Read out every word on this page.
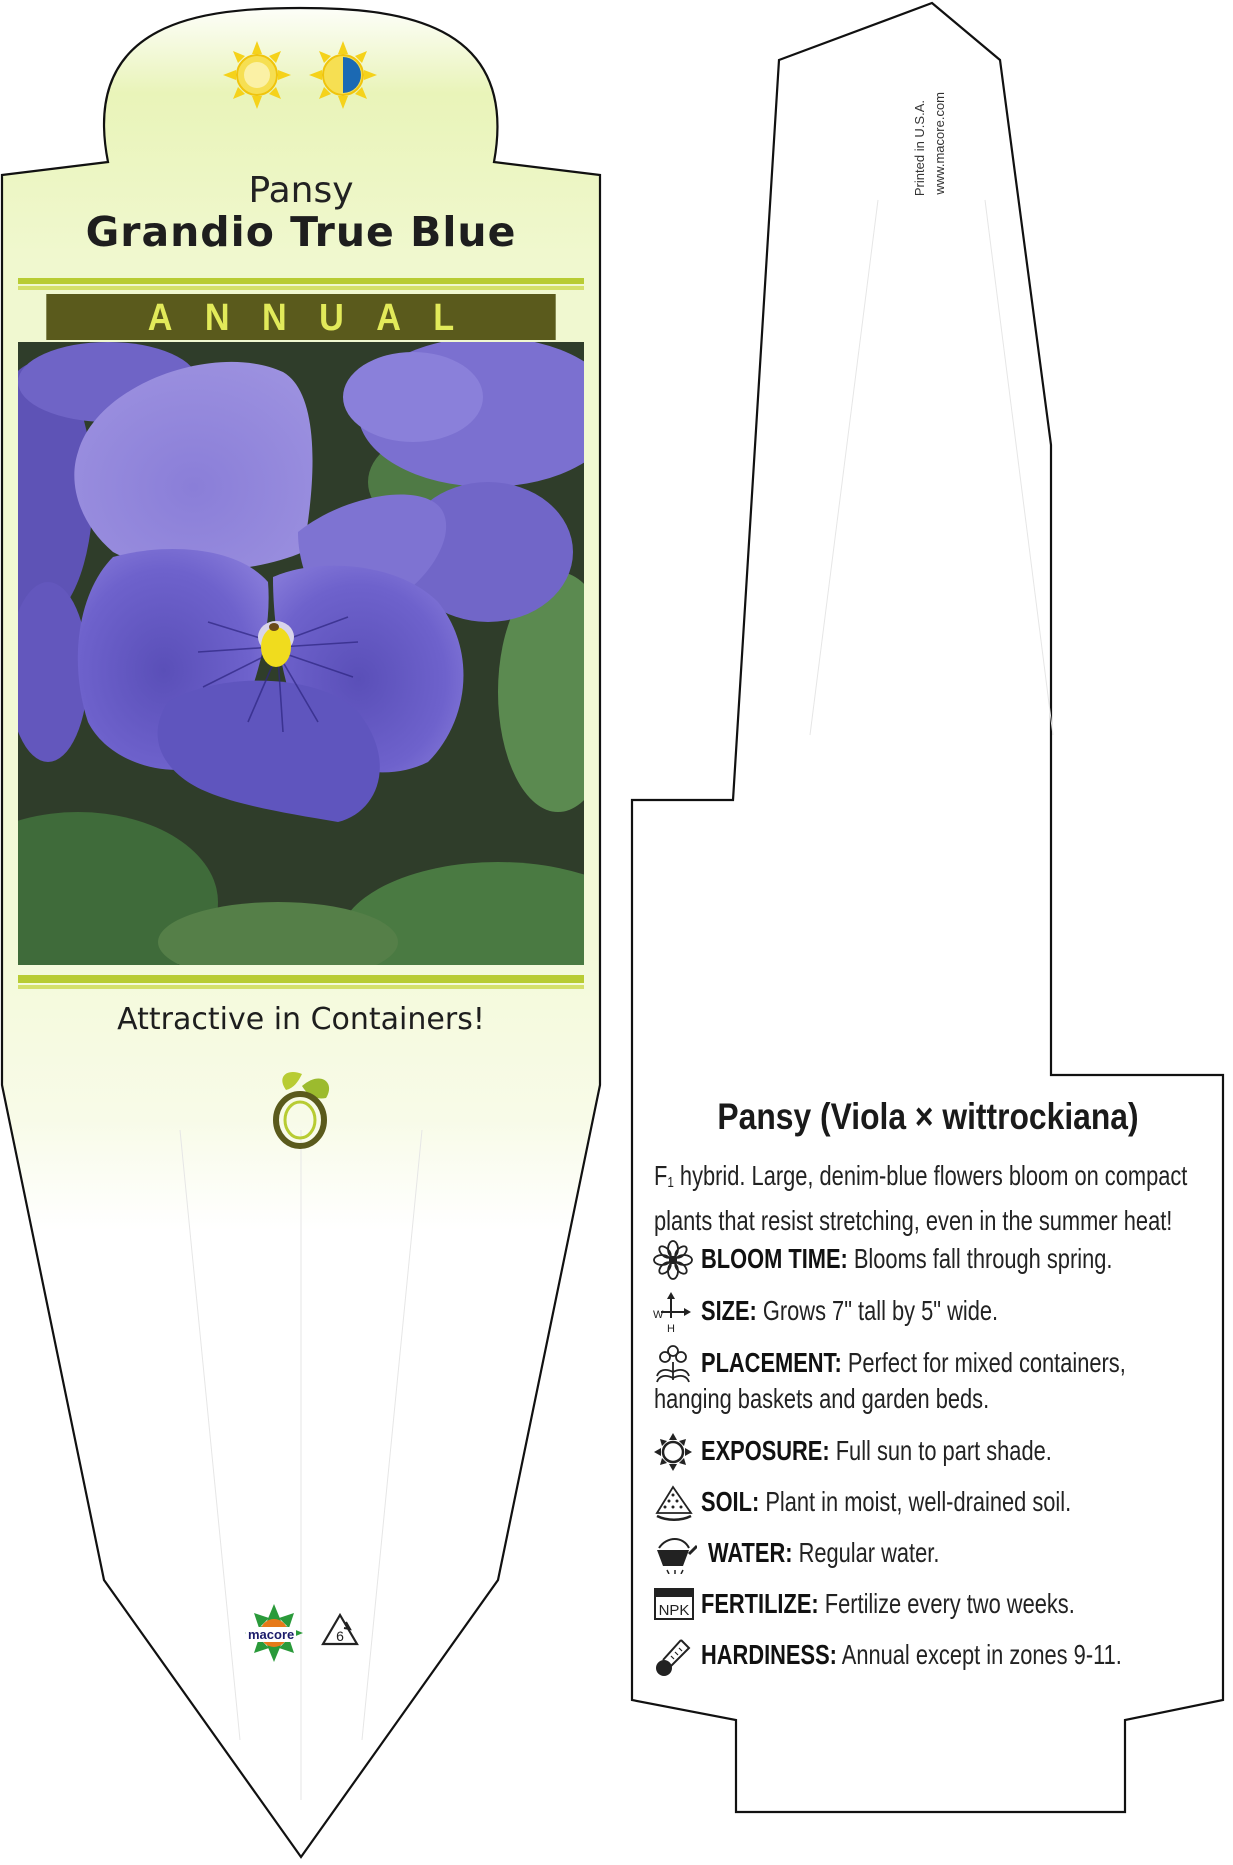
Pansy
Grandio True Blue
ANNUAL
Attractive in Containers!
macore	6
Printed in U.S.A. www.macore.com
Pansy (Viola × wittrockiana)
F1 hybrid. Large, denim-blue flowers bloom on compact
plants that resist stretching, even in the summer heat!
BLOOM TIME: Blooms fall through spring.
W
H
SIZE: Grows 7" tall by 5" wide.
PLACEMENT: Perfect for mixed containers,
hanging baskets and garden beds.
EXPOSURE: Full sun to part shade.
SOIL: Plant in moist, well-drained soil.
WATER: Regular water.
NPK FERTILIZE: Fertilize every two weeks.
HARDINESS: Annual except in zones 9-11.
